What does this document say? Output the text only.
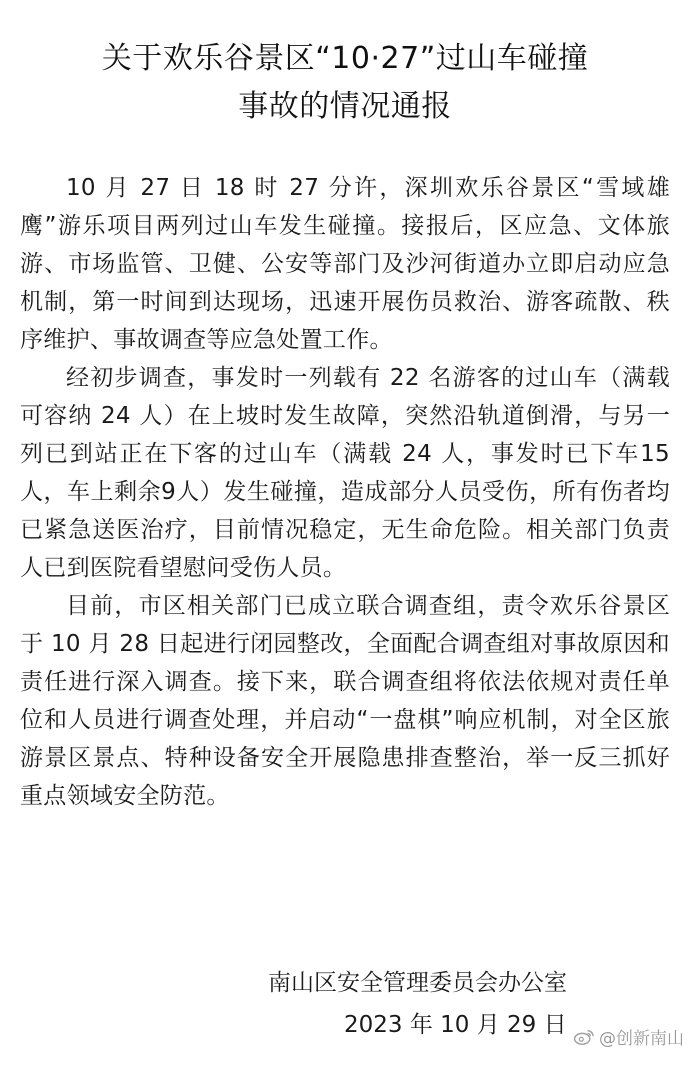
关于欢乐谷景区“10·27”过山车碰撞
事故的情况通报

10 月 27 日 18 时 27 分许，深圳欢乐谷景区“雪域雄鹰”游乐项目两列过山车发生碰撞。接报后，区应急、文体旅游、市场监管、卫健、公安等部门及沙河街道办立即启动应急机制，第一时间到达现场，迅速开展伤员救治、游客疏散、秩序维护、事故调查等应急处置工作。

经初步调查，事发时一列载有 22 名游客的过山车（满载可容纳 24 人）在上坡时发生故障，突然沿轨道倒滑，与另一列已到站正在下客的过山车（满载 24 人，事发时已下车15人，车上剩余9人）发生碰撞，造成部分人员受伤，所有伤者均已紧急送医治疗，目前情况稳定，无生命危险。相关部门负责人已到医院看望慰问受伤人员。

目前，市区相关部门已成立联合调查组，责令欢乐谷景区于 10 月 28 日起进行闭园整改，全面配合调查组对事故原因和责任进行深入调查。接下来，联合调查组将依法依规对责任单位和人员进行调查处理，并启动“一盘棋”响应机制，对全区旅游景区景点、特种设备安全开展隐患排查整治，举一反三抓好重点领域安全防范。

南山区安全管理委员会办公室
2023 年 10 月 29 日
@创新南山
